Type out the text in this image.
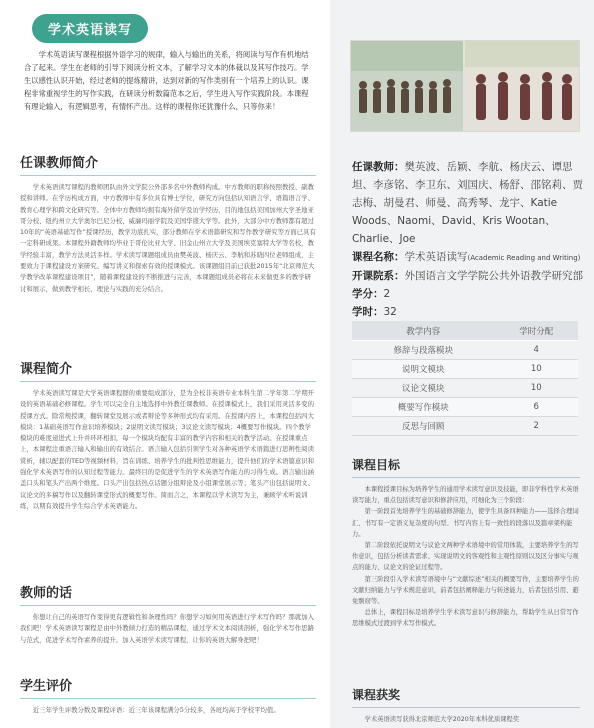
学术英语读写
学术英语读写课程根据外语学习的规律，输入与输出的关系，将阅读与写作有机地结合了起来。学生在老师的引导下阅读分析文本，了解学习文本的体裁以及其写作技巧。学生以感性认识开始，经过老师的提炼精讲，达到对新的写作类别有一个培养上的认识。课程非常重视学生的写作实践，在研读分析数篇范本之后，学生进入写作实践阶段。本课程有理论输入，有逻辑思考，有情怀产出。这样的课程你还犹豫什么，只等你来！
任课教师简介

学术英语读写课程的教师团队由外文学院公外部多名中外教师构成。中方教师的职称按照教授、副教授和讲师。在学历构成方面，中方教师中有多位具有博士学位，研究方向包括认知语言学、语篇语言学、教育心理学和跨文化研究等。全体中方教师均拥有海外留学及访学经历，目的地包括美国加州大学圣地亚哥分校、纽约州立大学奥尔巴尼分校、威廉玛丽学院及美国华盛大学等。此外，大部分中方教师都有超过10年的“英语基础写作”授课经历，教学功底扎实，部分教师在学术语篇研究和写作教学研究等方面已具有一定科研成果。本课程外籍教师均毕业于哥伦比亚大学、旧金山州立大学及美国埃克塞特大学等名校，教学经验丰富，教学方法灵活多样。学术读写课题组成员由樊英波、杨庆云、李航和苏晓四位老师组成，主要致力于课程建设方案研究、编写讲义和探索有效的授课模式。该课题组目前已获批2015年“北京师范大学教学改革课程建设项目”，随着课程建设的不断推进与完善，本课题组成员必将在未来做更多的教学研讨和展示，做到教学相长，理论与实践的充分结合。

课程简介

学术英语读写课是大学英语课程群的重要组成部分，是为全校非英语专业本科生第二学年第二学期开设的英语基础必修课程。学生可以完全自主地选择中外教任课教师。在授课模式上，我们采用灵活多变的授课方式。除常规授课，翻转课堂及展示或者辩论等多种形式均有采用。在授课内容上，本课程包括四大模块：1基础英语写作意识培养模块；2说明文读写模块；3议论文读写模块；4概要写作模块。四个教学模块的难度递进式上升并环环相扣，每一个模块均配有丰富的教学内容和相关的教学活动。在授课重点上，本课程注重语言输入和输出的有效结合。语言输入包括引领学生对各种英语学术语篇进行思辨性阅读赏析，辅以配套的TED等视频材料，旨在训练、培养学生的批判性思维能力，提升他们的学术语篇意识和强化学术英语写作的认知过程等能力。最终目的是促进学生的学术英语写作能力的习得生成。语言输出涵盖口头和笔头产出两个维度。口头产出包括热点话题分组辩论及小组课堂展示等；笔头产出包括说明文、议论文的多稿写作以及翻转课堂形式的概要写作。简而言之，本课程以学术读写为主，兼顾学术听说训练，以期有效提升学生综合学术英语能力。

教师的话

你想让自己的英语写作变得更有逻辑性和条理性吗？你想学习如何用英语进行学术写作吗？那就加入我们吧！学术英语读写课程是由中外教倾力打造的精品课程，通过学术文本阅读剖析，强化学术写作思路与范式，促进学术写作素养的提升。加入英语学术读写课程，让你的英语大解身把吧！

学生评价

近三年学生评教分数及课程评语：近三年该课程满分5分较多，各班均高于学校平均值。

任课教师：樊英波、岳颖、李航、杨庆云、谭思坦、李彦铭、李卫东、刘国庆、杨舒、邵铭莉、贾志梅、胡曼君、师曼、高秀琴、龙宇、Katie Woods、Naomi、David、Kris Wootan、Charlie、Joe
课程名称：学术英语读写(Academic Reading and Writing)
开课院系：外国语言文学学院公共外语教学研究部
学分：2
学时：32
教学内容	学时分配
修辞与段落模块	4
说明文模块	10
议论文模块	10
概要写作模块	6
反思与回顾	2
课程目标

本课程授课目标为培养学生的通用学术读写意识及技能，即非学科性学术英语读写能力，重点包括读写意识和修辞应用，可细化为三个阶段：

第一阶段首先培养学生的基础修辞能力，使学生具备四种能力——选择合理词汇、书写有一定语义复杂度的句型、书写内容上有一致性的段落以及篇章架构能力。

第二阶段依托说明文与议论文两种学术语境中的常用体裁，主要培养学生的写作意识，包括分析读者需求、实现说明文的客观性和主观性原则以及区分事实与观点的能力、议论文的论证过程等。

第三阶段引入学术读写语境中与“文献综述”相关的概要写作，主要培养学生的文献归纳能力与学术规范意识，前者包括阐释能力与转述能力，后者包括引用、避免剽窃等。

总体上，课程目标是培养学生学术读写意识与修辞能力，帮助学生从日常写作思维模式过渡到学术写作模式。

课程获奖

学术英语读写获得北京师范大学2020年本科优质课程奖
